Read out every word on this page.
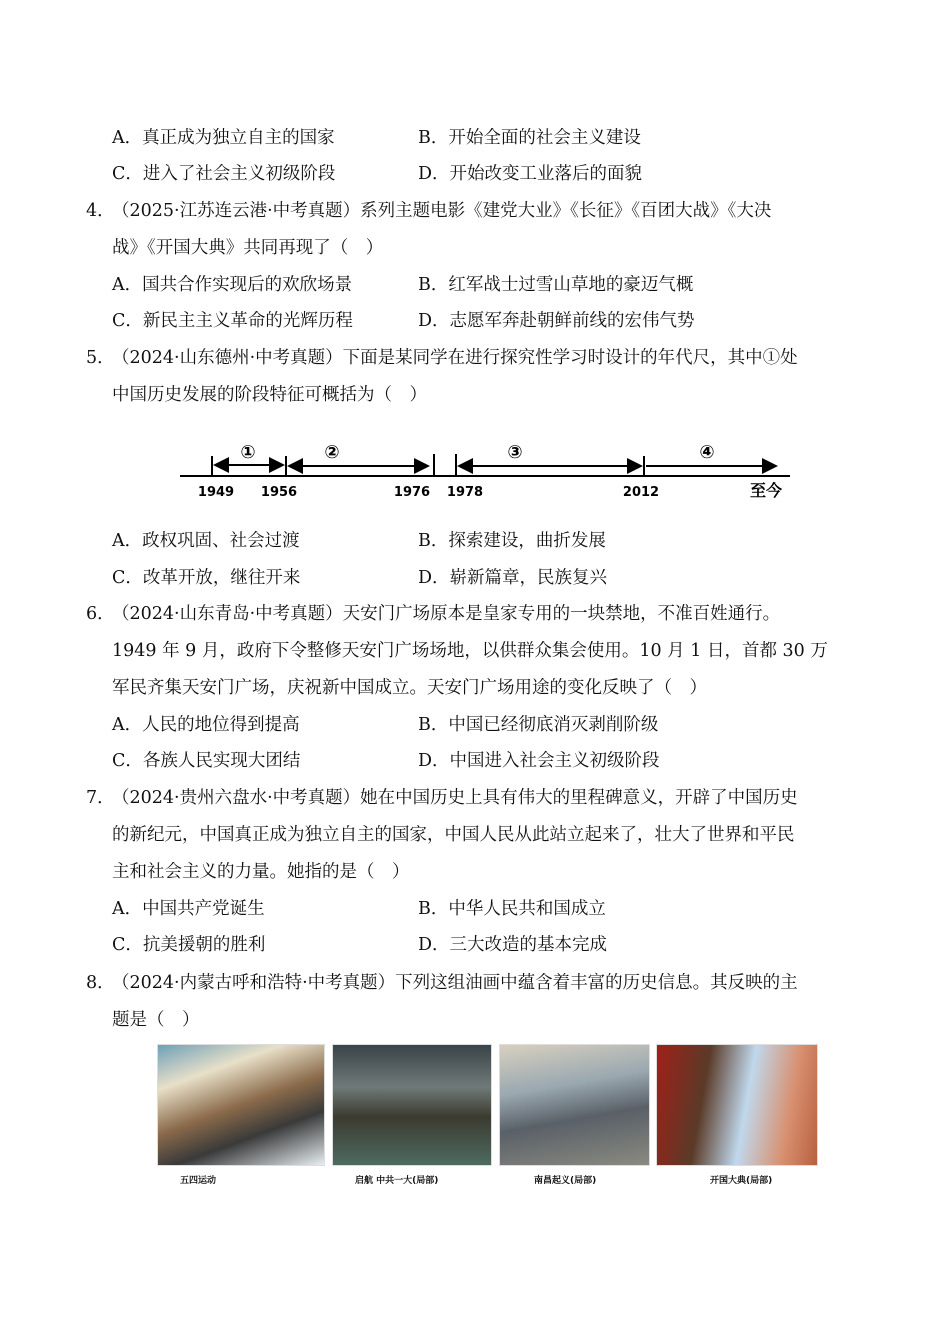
A．真正成为独立自主的国家	B．开始全面的社会主义建设
C．进入了社会主义初级阶段	D．开始改变工业落后的面貌
4．
（2025·江苏连云港·中考真题）系列主题电影《建党大业》《长征》《百团大战》《大决
战》《开国大典》共同再现了（　）
A．国共合作实现后的欢欣场景	B．红军战士过雪山草地的豪迈气概
C．新民主主义革命的光辉历程	D．志愿军奔赴朝鲜前线的宏伟气势
5．
（2024·山东德州·中考真题）下面是某同学在进行探究性学习时设计的年代尺，其中①处
中国历史发展的阶段特征可概括为（　）
①	②	③	④
1949 1956	1976 1978	2012	至今
A．政权巩固、社会过渡	B．探索建设，曲折发展
C．改革开放，继往开来	D．崭新篇章，民族复兴
6．
（2024·山东青岛·中考真题）天安门广场原本是皇家专用的一块禁地，不准百姓通行。
1949 年 9 月，政府下令整修天安门广场场地，以供群众集会使用。10 月 1 日，首都 30 万
军民齐集天安门广场，庆祝新中国成立。天安门广场用途的变化反映了（　）
A．人民的地位得到提高	B．中国已经彻底消灭剥削阶级
C．各族人民实现大团结	D．中国进入社会主义初级阶段
7．
（2024·贵州六盘水·中考真题）她在中国历史上具有伟大的里程碑意义，开辟了中国历史
的新纪元，中国真正成为独立自主的国家，中国人民从此站立起来了，壮大了世界和平民
主和社会主义的力量。她指的是（　）
A．中国共产党诞生	B．中华人民共和国成立
C．抗美援朝的胜利	D．三大改造的基本完成
8．
（2024·内蒙古呼和浩特·中考真题）下列这组油画中蕴含着丰富的历史信息。其反映的主
题是（　）
五四运动	启航 中共一大(局部)	南昌起义(局部)	开国大典(局部)
